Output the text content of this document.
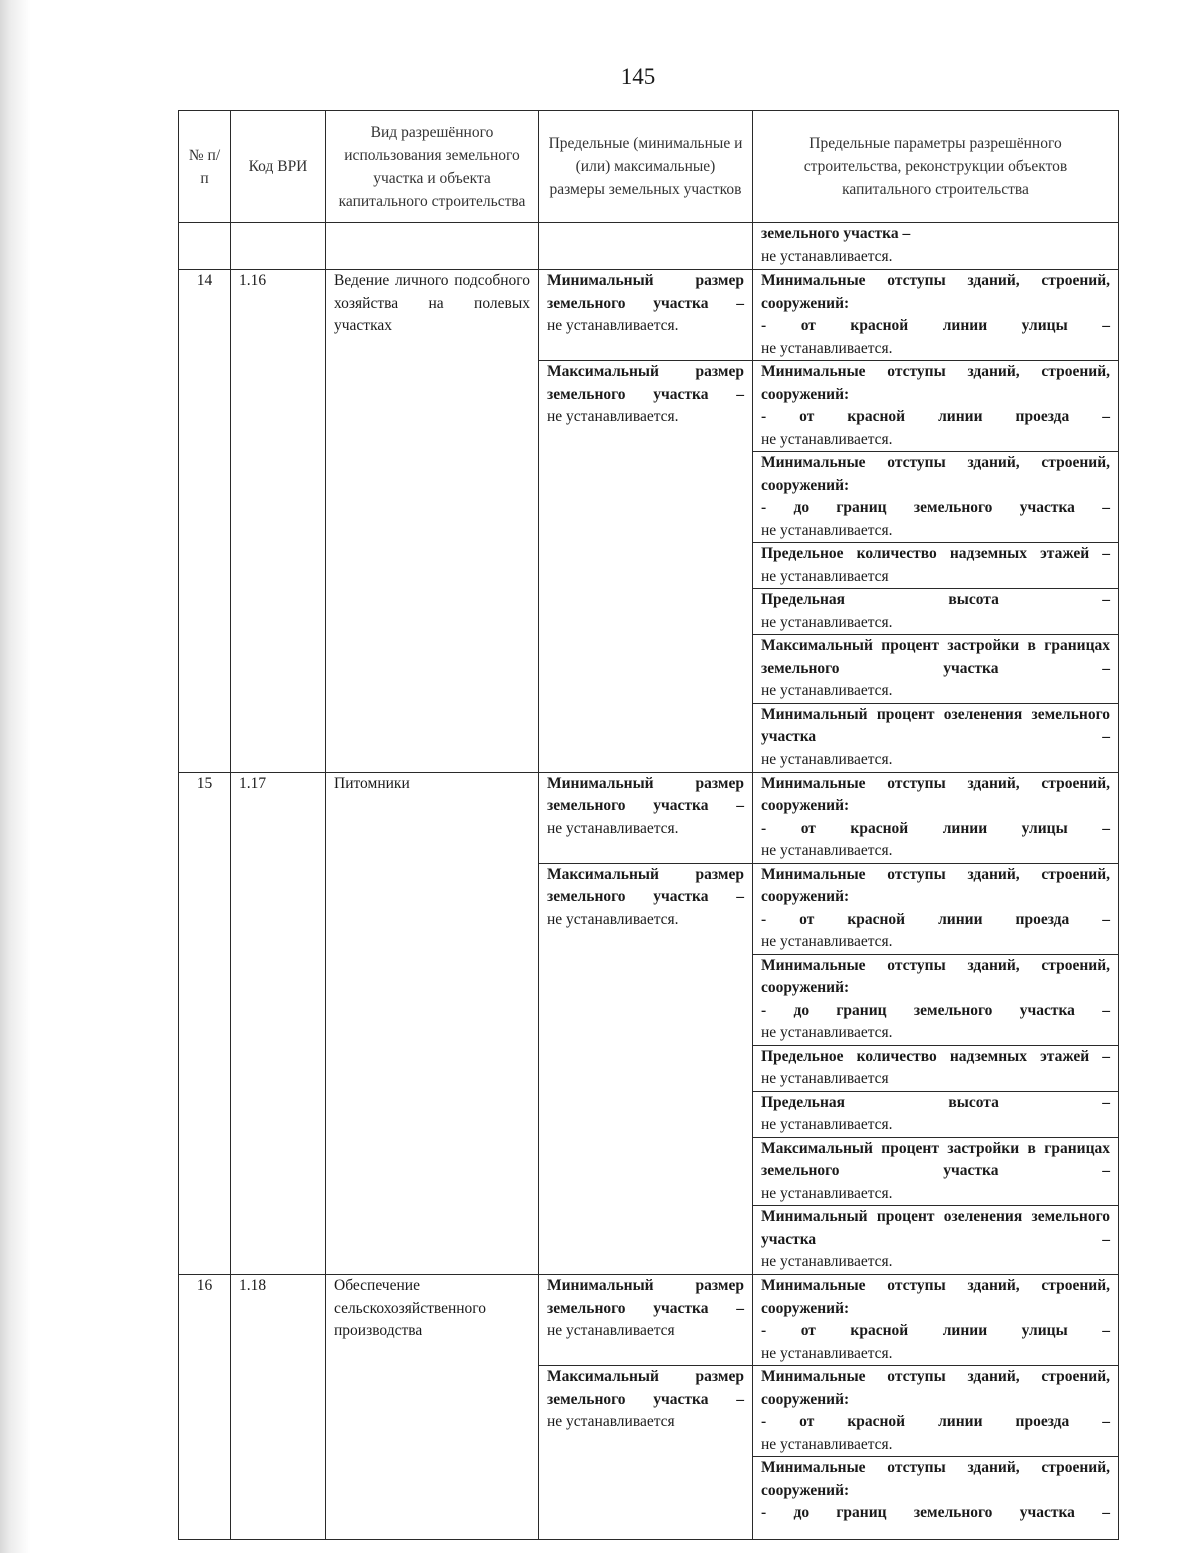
145
№ п/п	Код ВРИ	Вид разрешённого использования земельного участка и объекта капитального строительства	Предельные (минимальные и (или) максимальные) размеры земельных участков	Предельные параметры разрешённого строительства, реконструкции объектов капитального строительства

				земельного участка –
не устанавливается.

14	1.16	Ведение личного подсобного хозяйства на полевых участках	Минимальный размер земельного участка –
не устанавливается.	Минимальные отступы зданий, строений, сооружений:
- от красной линии улицы –
не устанавливается.

			Максимальный размер земельного участка –
не устанавливается.	Минимальные отступы зданий, строений, сооружений:
- от красной линии проезда –
не устанавливается.

				Минимальные отступы зданий, строений, сооружений:
- до границ земельного участка –
не устанавливается.

				Предельное количество надземных этажей –
не устанавливается

				Предельная высота –
не устанавливается.

				Максимальный процент застройки в границах земельного участка –
не устанавливается.

				Минимальный процент озеленения земельного участка –
не устанавливается.

15	1.17	Питомники	Минимальный размер земельного участка –
не устанавливается.	Минимальные отступы зданий, строений, сооружений:
- от красной линии улицы –
не устанавливается.

			Максимальный размер земельного участка –
не устанавливается.	Минимальные отступы зданий, строений, сооружений:
- от красной линии проезда –
не устанавливается.

				Минимальные отступы зданий, строений, сооружений:
- до границ земельного участка –
не устанавливается.

				Предельное количество надземных этажей –
не устанавливается

				Предельная высота –
не устанавливается.

				Максимальный процент застройки в границах земельного участка –
не устанавливается.

				Минимальный процент озеленения земельного участка –
не устанавливается.

16	1.18	Обеспечение сельскохозяйственного производства	Минимальный размер земельного участка –
не устанавливается	Минимальные отступы зданий, строений, сооружений:
- от красной линии улицы –
не устанавливается.

			Максимальный размер земельного участка –
не устанавливается	Минимальные отступы зданий, строений, сооружений:
- от красной линии проезда –
не устанавливается.

				Минимальные отступы зданий, строений, сооружений:
- до границ земельного участка –
